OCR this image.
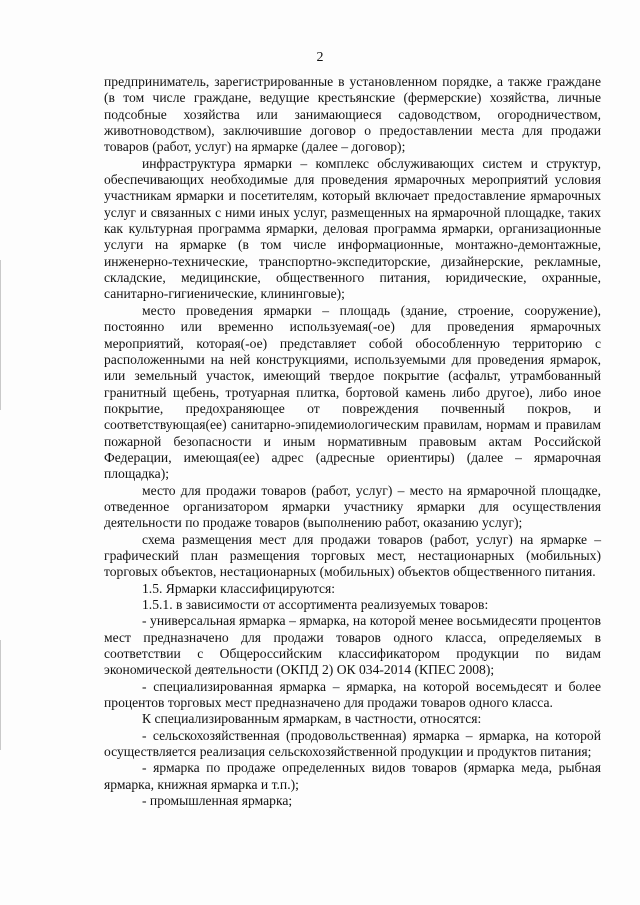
2

предприниматель, зарегистрированные в установленном порядке, а также граждане (в том числе граждане, ведущие крестьянские (фермерские) хозяйства, личные подсобные хозяйства или занимающиеся садоводством, огородничеством, животноводством), заключившие договор о предоставлении места для продажи товаров (работ, услуг) на ярмарке (далее – договор);

инфраструктура ярмарки – комплекс обслуживающих систем и структур, обеспечивающих необходимые для проведения ярмарочных мероприятий условия участникам ярмарки и посетителям, который включает предоставление ярмарочных услуг и связанных с ними иных услуг, размещенных на ярмарочной площадке, таких как культурная программа ярмарки, деловая программа ярмарки, организационные услуги на ярмарке (в том числе информационные, монтажно-демонтажные, инженерно-технические, транспортно-экспедиторские, дизайнерские, рекламные, складские, медицинские, общественного питания, юридические, охранные, санитарно-гигиенические, клининговые);

место проведения ярмарки – площадь (здание, строение, сооружение), постоянно или временно используемая(-ое) для проведения ярмарочных мероприятий, которая(-ое) представляет собой обособленную территорию с расположенными на ней конструкциями, используемыми для проведения ярмарок, или земельный участок, имеющий твердое покрытие (асфальт, утрамбованный гранитный щебень, тротуарная плитка, бортовой камень либо другое), либо иное покрытие, предохраняющее от повреждения почвенный покров, и соответствующая(ее) санитарно-эпидемиологическим правилам, нормам и правилам пожарной безопасности и иным нормативным правовым актам Российской Федерации, имеющая(ее) адрес (адресные ориентиры) (далее – ярмарочная площадка);

место для продажи товаров (работ, услуг) – место на ярмарочной площадке, отведенное организатором ярмарки участнику ярмарки для осуществления деятельности по продаже товаров (выполнению работ, оказанию услуг);

схема размещения мест для продажи товаров (работ, услуг) на ярмарке – графический план размещения торговых мест, нестационарных (мобильных) торговых объектов, нестационарных (мобильных) объектов общественного питания.

1.5. Ярмарки классифицируются:

1.5.1. в зависимости от ассортимента реализуемых товаров:

- универсальная ярмарка – ярмарка, на которой менее восьмидесяти процентов мест предназначено для продажи товаров одного класса, определяемых в соответствии с Общероссийским классификатором продукции по видам экономической деятельности (ОКПД 2) ОК 034-2014 (КПЕС 2008);

- специализированная ярмарка – ярмарка, на которой восемьдесят и более процентов торговых мест предназначено для продажи товаров одного класса.

К специализированным ярмаркам, в частности, относятся:

- сельскохозяйственная (продовольственная) ярмарка – ярмарка, на которой осуществляется реализация сельскохозяйственной продукции и продуктов питания;

- ярмарка по продаже определенных видов товаров (ярмарка меда, рыбная ярмарка, книжная ярмарка и т.п.);

- промышленная ярмарка;
